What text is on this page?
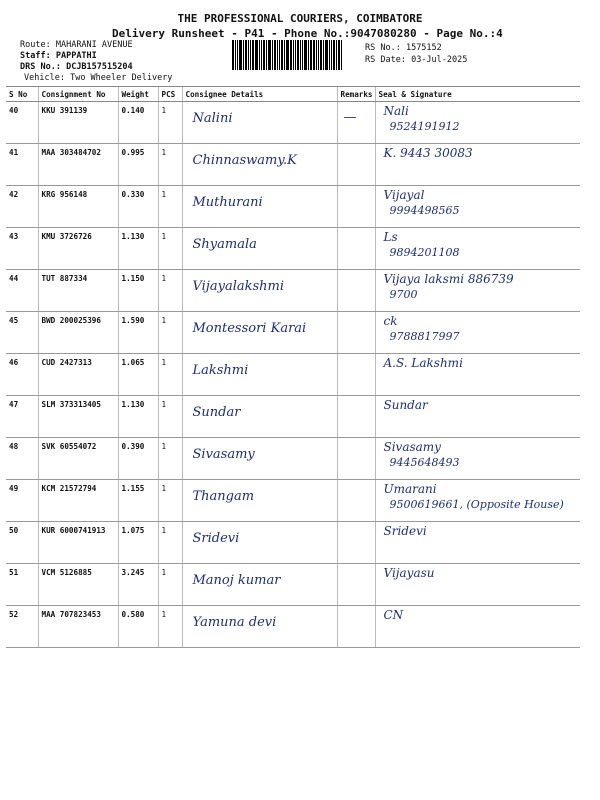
THE PROFESSIONAL COURIERS, COIMBATORE
Delivery Runsheet - P41 - Phone No.:9047080280 - Page No.:4
Route: MAHARANI AVENUE
Staff: PAPPATHI
DRS No.: DCJB157515204
Vehicle: Two Wheeler Delivery
RS No.: 1575152
RS Date: 03-Jul-2025
S No	Consignment No	Weight	PCS	Consignee Details	Remarks	Seal & Signature
40	KKU 391139	0.140	1	Nalini	—	Nali
9524191912

41	MAA 303484702	0.995	1	Chinnaswamy.K		K. 9443 30083

42	KRG 956148	0.330	1	Muthurani		Vijayal
9994498565

43	KMU 3726726	1.130	1	Shyamala		Ls
9894201108

44	TUT 887334	1.150	1	Vijayalakshmi		Vijaya laksmi 886739
9700

45	BWD 200025396	1.590	1	Montessori Karai		ck
9788817997

46	CUD 2427313	1.065	1	Lakshmi		A.S. Lakshmi

47	SLM 373313405	1.130	1	Sundar		Sundar

48	SVK 60554072	0.390	1	Sivasamy		Sivasamy
9445648493

49	KCM 21572794	1.155	1	Thangam		Umarani
9500619661, (Opposite House)

50	KUR 6000741913	1.075	1	Sridevi		Sridevi

51	VCM 5126885	3.245	1	Manoj kumar		Vijayasu

52	MAA 707823453	0.580	1	Yamuna devi		CN
